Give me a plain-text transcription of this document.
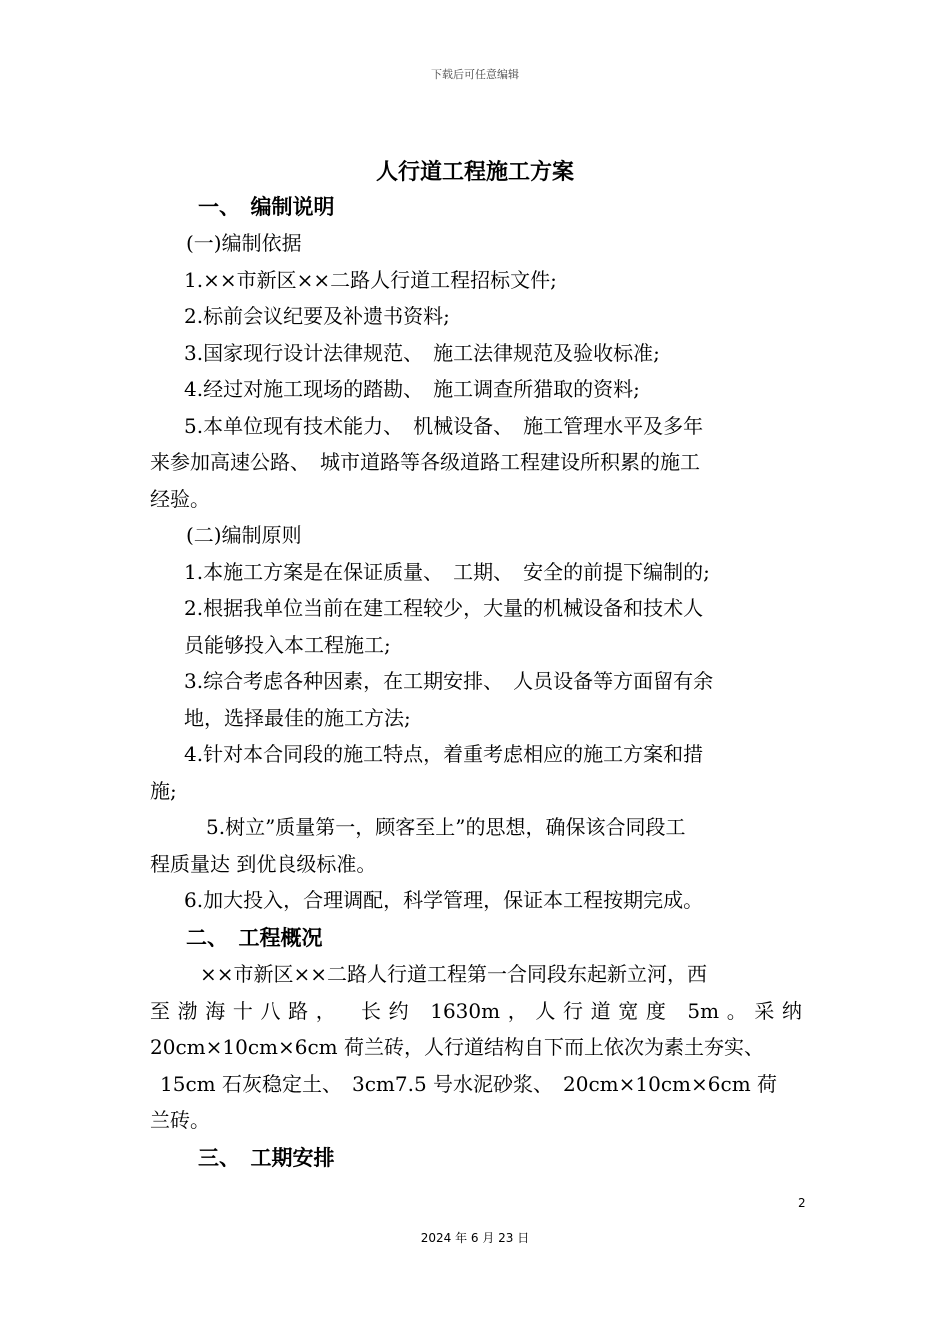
下载后可任意编辑
人行道工程施工方案
一、　编制说明
(一)编制依据
1.××市新区××二路人行道工程招标文件;
2.标前会议纪要及补遗书资料;
3.国家现行设计法律规范、　施工法律规范及验收标准;
4.经过对施工现场的踏勘、　施工调查所猎取的资料;
5.本单位现有技术能力、　机械设备、　施工管理水平及多年
来参加高速公路、　城市道路等各级道路工程建设所积累的施工
经验。
(二)编制原则
1.本施工方案是在保证质量、　工期、　安全的前提下编制的;
2.根据我单位当前在建工程较少，大量的机械设备和技术人
员能够投入本工程施工;
3.综合考虑各种因素，在工期安排、　人员设备等方面留有余
地，选择最佳的施工方法;
4.针对本合同段的施工特点，着重考虑相应的施工方案和措
施;
5.树立”质量第一，顾客至上”的思想，确保该合同段工
程质量达 到优良级标准。
6.加大投入，合理调配，科学管理，保证本工程按期完成。
二、　工程概况
××市新区××二路人行道工程第一合同段东起新立河，西
至渤海十八路，　长约 1630m，人行道宽度 5m。采纳
20cm×10cm×6cm 荷兰砖，人行道结构自下而上依次为素土夯实、
15cm 石灰稳定土、　3cm7.5 号水泥砂浆、　20cm×10cm×6cm 荷
兰砖。
三、　工期安排
2
2024 年 6 月 23 日
